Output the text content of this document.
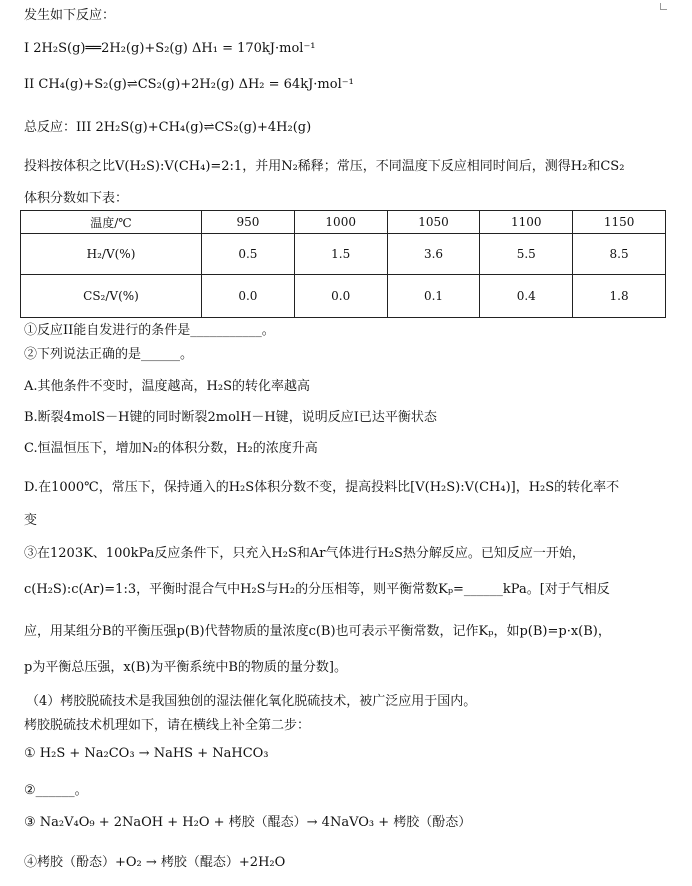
发生如下反应：
I 2H₂S(g)══2H₂(g)+S₂(g) ΔH₁ = 170kJ·mol⁻¹
II CH₄(g)+S₂(g)⇌CS₂(g)+2H₂(g) ΔH₂ = 64kJ·mol⁻¹
总反应：III 2H₂S(g)+CH₄(g)⇌CS₂(g)+4H₂(g)
投料按体积之比V(H₂S):V(CH₄)=2:1，并用N₂稀释；常压，不同温度下反应相同时间后，测得H₂和CS₂
体积分数如下表：
温度/℃	950	1000	1050	1100	1150
H₂/V(%)	0.5	1.5	3.6	5.5	8.5
CS₂/V(%)	0.0	0.0	0.1	0.4	1.8
①反应II能自发进行的条件是___________。
②下列说法正确的是______。
A.其他条件不变时，温度越高，H₂S的转化率越高
B.断裂4molS－H键的同时断裂2molH－H键，说明反应I已达平衡状态
C.恒温恒压下，增加N₂的体积分数，H₂的浓度升高
D.在1000℃，常压下，保持通入的H₂S体积分数不变，提高投料比[V(H₂S):V(CH₄)]，H₂S的转化率不
变
③在1203K、100kPa反应条件下，只充入H₂S和Ar气体进行H₂S热分解反应。已知反应一开始，
c(H₂S):c(Ar)=1:3，平衡时混合气中H₂S与H₂的分压相等，则平衡常数Kₚ=______kPa。[对于气相反
应，用某组分B的平衡压强p(B)代替物质的量浓度c(B)也可表示平衡常数，记作Kₚ，如p(B)=p·x(B)，
p为平衡总压强，x(B)为平衡系统中B的物质的量分数]。
（4）栲胶脱硫技术是我国独创的湿法催化氧化脱硫技术，被广泛应用于国内。
栲胶脱硫技术机理如下，请在横线上补全第二步：
① H₂S + Na₂CO₃ → NaHS + NaHCO₃
②______。
③ Na₂V₄O₉ + 2NaOH + H₂O + 栲胶（醌态）→ 4NaVO₃ + 栲胶（酚态）
④栲胶（酚态）+O₂ → 栲胶（醌态）+2H₂O
